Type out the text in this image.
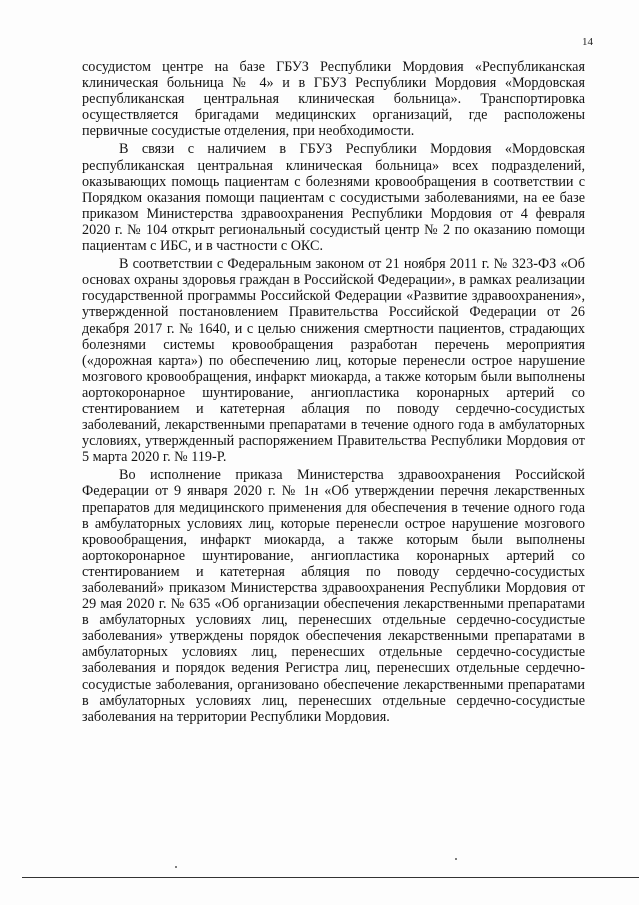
14

сосудистом центре на базе ГБУЗ Республики Мордовия «Республиканская клиническая больница № 4» и в ГБУЗ Республики Мордовия «Мордовская республиканская центральная клиническая больница». Транспортировка осуществляется бригадами медицинских организаций, где расположены первичные сосудистые отделения, при необходимости.

В связи с наличием в ГБУЗ Республики Мордовия «Мордовская республиканская центральная клиническая больница» всех подразделений, оказывающих помощь пациентам с болезнями кровообращения в соответствии с Порядком оказания помощи пациентам с сосудистыми заболеваниями, на ее базе приказом Министерства здравоохранения Республики Мордовия от 4 февраля 2020 г. № 104 открыт региональный сосудистый центр № 2 по оказанию помощи пациентам с ИБС, и в частности с ОКС.

В соответствии с Федеральным законом от 21 ноября 2011 г. № 323-ФЗ «Об основах охраны здоровья граждан в Российской Федерации», в рамках реализации государственной программы Российской Федерации «Развитие здравоохранения», утвержденной постановлением Правительства Российской Федерации от 26 декабря 2017 г. № 1640, и с целью снижения смертности пациентов, страдающих болезнями системы кровообращения разработан перечень мероприятия («дорожная карта») по обеспечению лиц, которые перенесли острое нарушение мозгового кровообращения, инфаркт миокарда, а также которым были выполнены аортокоронарное шунтирование, ангиопластика коронарных артерий со стентированием и катетерная аблация по поводу сердечно-сосудистых заболеваний, лекарственными препаратами в течение одного года в амбулаторных условиях, утвержденный распоряжением Правительства Республики Мордовия от 5 марта 2020 г. № 119-Р.

Во исполнение приказа Министерства здравоохранения Российской Федерации от 9 января 2020 г. № 1н «Об утверждении перечня лекарственных препаратов для медицинского применения для обеспечения в течение одного года в амбулаторных условиях лиц, которые перенесли острое нарушение мозгового кровообращения, инфаркт миокарда, а также которым были выполнены аортокоронарное шунтирование, ангиопластика коронарных артерий со стентированием и катетерная абляция по поводу сердечно-сосудистых заболеваний» приказом Министерства здравоохранения Республики Мордовия от 29 мая 2020 г. № 635 «Об организации обеспечения лекарственными препаратами в амбулаторных условиях лиц, перенесших отдельные сердечно-сосудистые заболевания» утверждены порядок обеспечения лекарственными препаратами в амбулаторных условиях лиц, перенесших отдельные сердечно-сосудистые заболевания и порядок ведения Регистра лиц, перенесших отдельные сердечно-сосудистые заболевания, организовано обеспечение лекарственными препаратами в амбулаторных условиях лиц, перенесших отдельные сердечно-сосудистые заболевания на территории Республики Мордовия.
